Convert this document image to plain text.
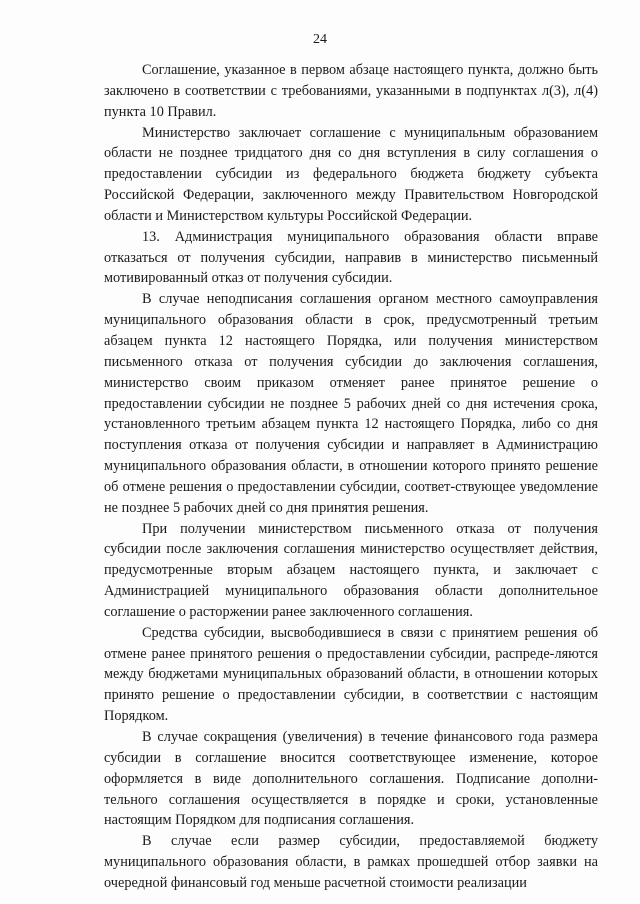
24

Соглашение, указанное в первом абзаце настоящего пункта, должно быть заключено в соответствии с требованиями, указанными в подпунктах л(3), л(4) пункта 10 Правил.

Министерство заключает соглашение с муниципальным образованием области не позднее тридцатого дня со дня вступления в силу соглашения о предоставлении субсидии из федерального бюджета бюджету субъекта Российской Федерации, заключенного между Правительством Новгородской области и Министерством культуры Российской Федерации.

13. Администрация муниципального образования области вправе отказаться от получения субсидии, направив в министерство письменный мотивированный отказ от получения субсидии.

В случае неподписания соглашения органом местного самоуправления муниципального образования области в срок, предусмотренный третьим абзацем пункта 12 настоящего Порядка, или получения министерством письменного отказа от получения субсидии до заключения соглашения, министерство своим приказом отменяет ранее принятое решение о предоставлении субсидии не позднее 5 рабочих дней со дня истечения срока, установленного третьим абзацем пункта 12 настоящего Порядка, либо со дня поступления отказа от получения субсидии и направляет в Администрацию муниципального образования области, в отношении которого принято решение об отмене решения о предоставлении субсидии, соответ-ствующее уведомление не позднее 5 рабочих дней со дня принятия решения.

При получении министерством письменного отказа от получения субсидии после заключения соглашения министерство осуществляет действия, предусмотренные вторым абзацем настоящего пункта, и заключает с Администрацией муниципального образования области дополнительное соглашение о расторжении ранее заключенного соглашения.

Средства субсидии, высвободившиеся в связи с принятием решения об отмене ранее принятого решения о предоставлении субсидии, распреде-ляются между бюджетами муниципальных образований области, в отношении которых принято решение о предоставлении субсидии, в соответствии с настоящим Порядком.

В случае сокращения (увеличения) в течение финансового года размера субсидии в соглашение вносится соответствующее изменение, которое оформляется в виде дополнительного соглашения. Подписание дополни-тельного соглашения осуществляется в порядке и сроки, установленные настоящим Порядком для подписания соглашения.

В случае если размер субсидии, предоставляемой бюджету муниципального образования области, в рамках прошедшей отбор заявки на очередной финансовый год меньше расчетной стоимости реализации
